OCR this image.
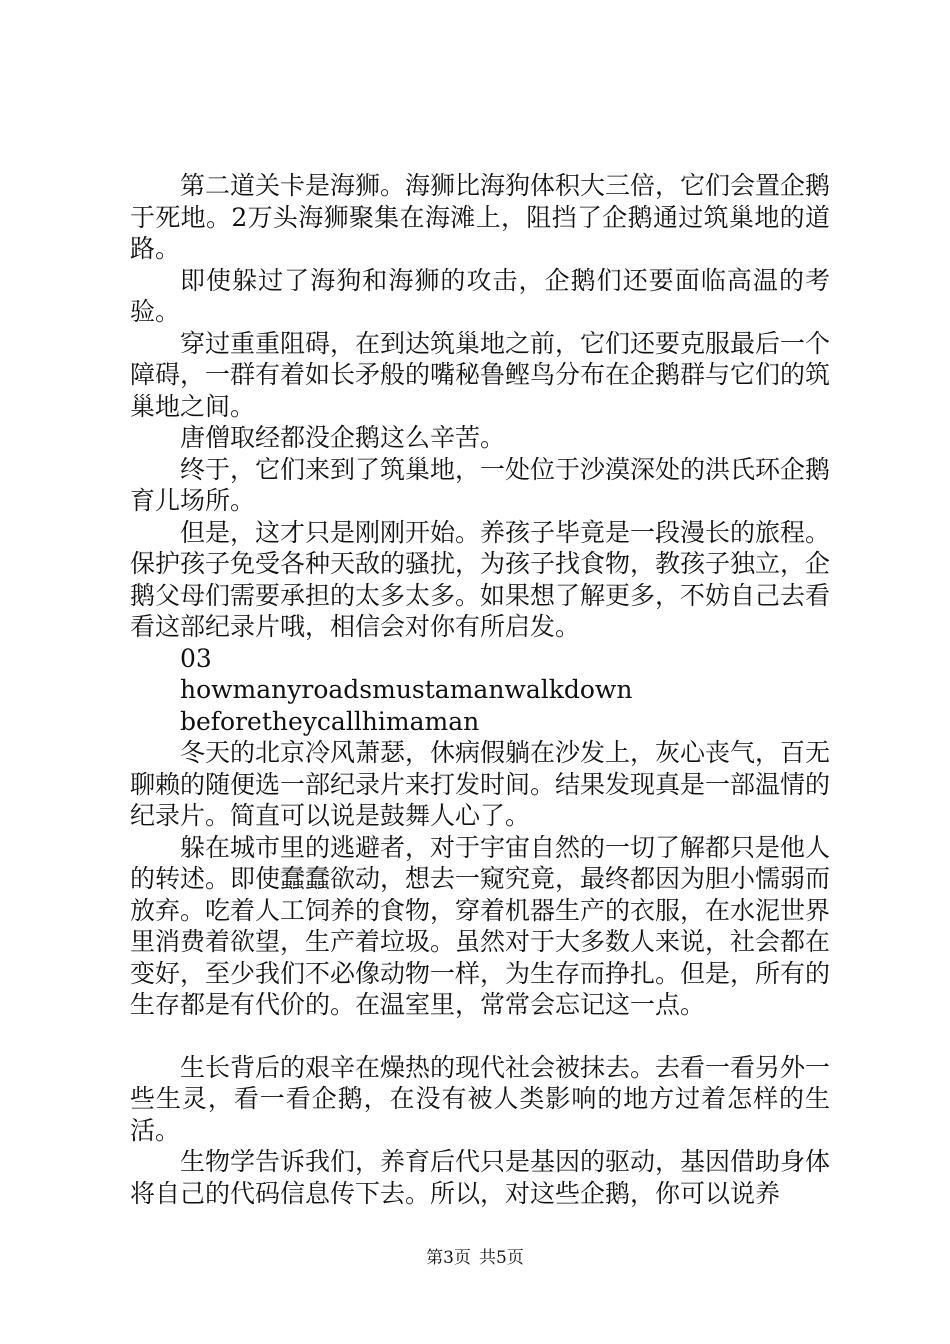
第二道关卡是海狮。海狮比海狗体积大三倍，它们会置企鹅于死地。2万头海狮聚集在海滩上，阻挡了企鹅通过筑巢地的道路。

即使躲过了海狗和海狮的攻击，企鹅们还要面临高温的考验。

穿过重重阻碍，在到达筑巢地之前，它们还要克服最后一个障碍，一群有着如长矛般的嘴秘鲁鲣鸟分布在企鹅群与它们的筑巢地之间。

唐僧取经都没企鹅这么辛苦。

终于，它们来到了筑巢地，一处位于沙漠深处的洪氏环企鹅育儿场所。

但是，这才只是刚刚开始。养孩子毕竟是一段漫长的旅程。保护孩子免受各种天敌的骚扰，为孩子找食物，教孩子独立，企鹅父母们需要承担的太多太多。如果想了解更多，不妨自己去看看这部纪录片哦，相信会对你有所启发。

03

howmanyroadsmustamanwalkdown

beforetheycallhimaman

冬天的北京冷风萧瑟，休病假躺在沙发上，灰心丧气，百无聊赖的随便选一部纪录片来打发时间。结果发现真是一部温情的纪录片。简直可以说是鼓舞人心了。

躲在城市里的逃避者，对于宇宙自然的一切了解都只是他人的转述。即使蠢蠢欲动，想去一窥究竟，最终都因为胆小懦弱而放弃。吃着人工饲养的食物，穿着机器生产的衣服，在水泥世界里消费着欲望，生产着垃圾。虽然对于大多数人来说，社会都在变好，至少我们不必像动物一样，为生存而挣扎。但是，所有的生存都是有代价的。在温室里，常常会忘记这一点。

生长背后的艰辛在燥热的现代社会被抹去。去看一看另外一些生灵，看一看企鹅，在没有被人类影响的地方过着怎样的生活。

生物学告诉我们，养育后代只是基因的驱动，基因借助身体将自己的代码信息传下去。所以，对这些企鹅，你可以说养

第3页 共5页
